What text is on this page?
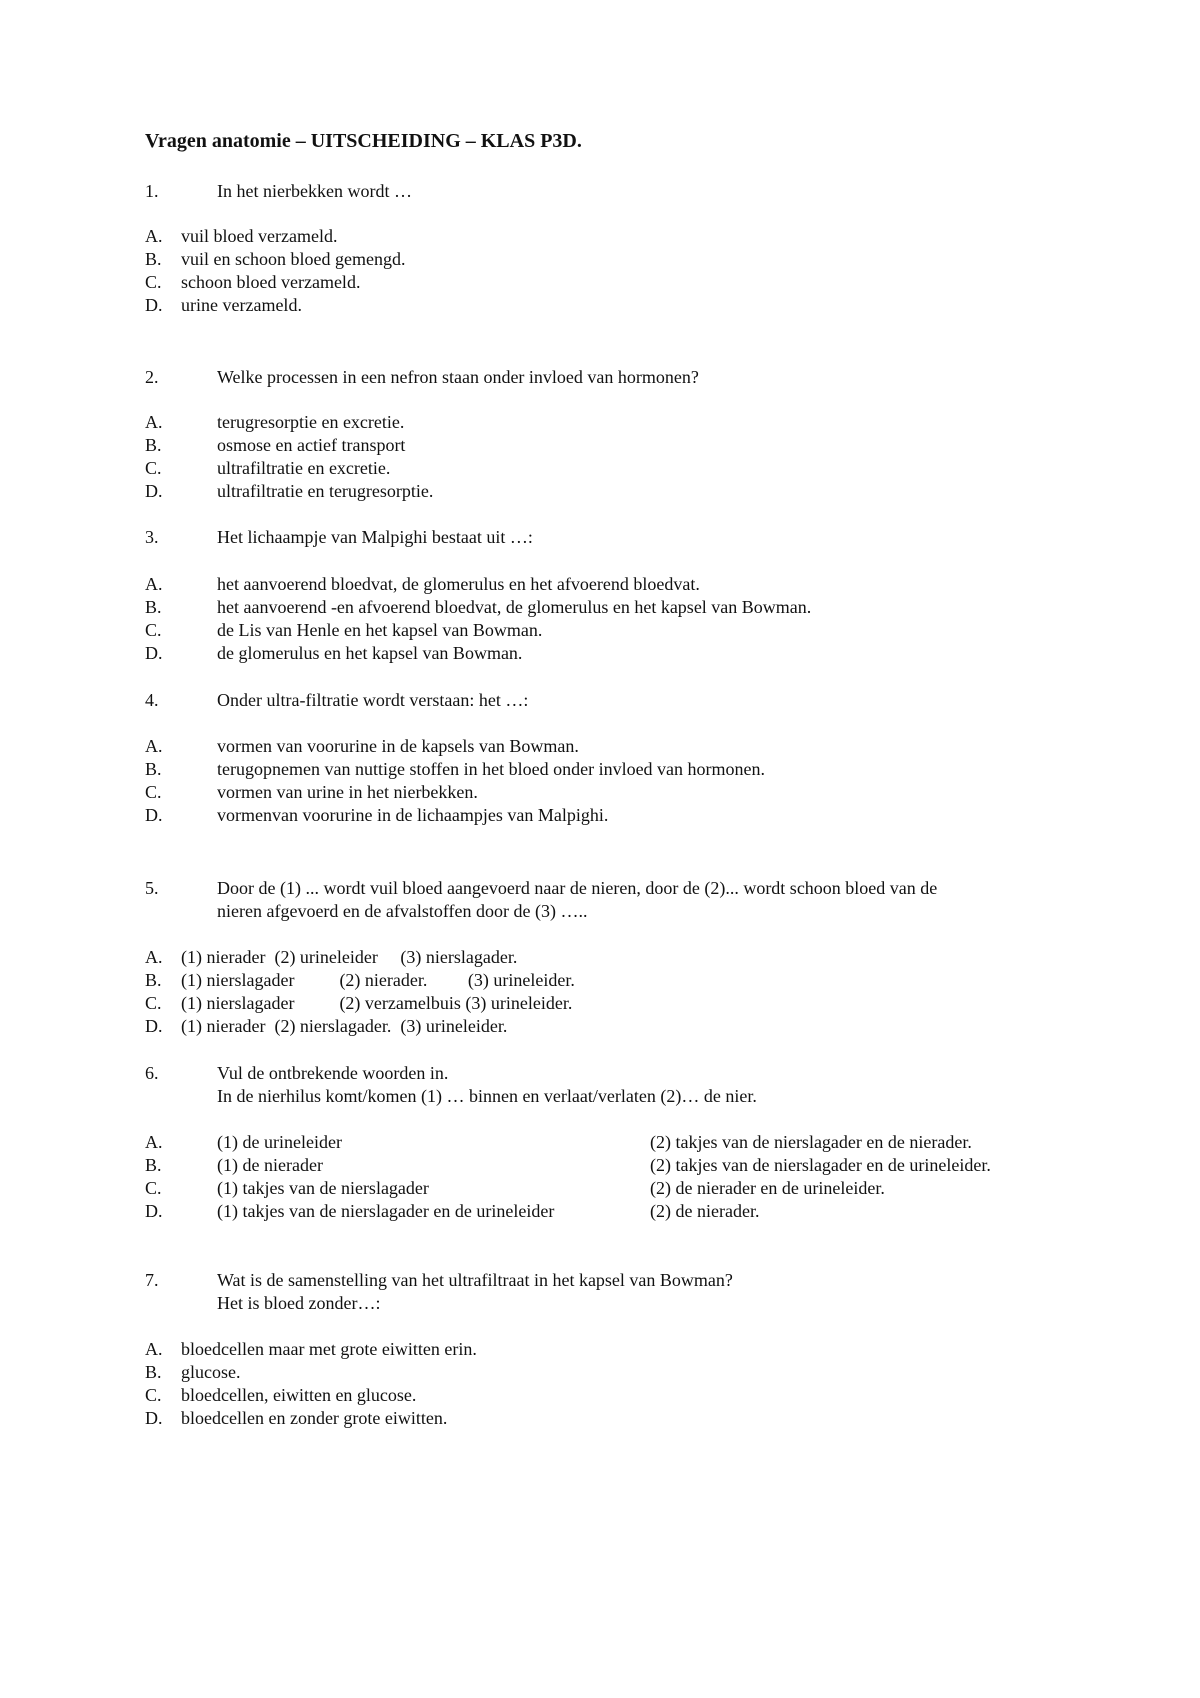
Vragen anatomie – UITSCHEIDING – KLAS P3D.
1.	In het nierbekken wordt …
A. vuil bloed verzameld.
B. vuil en schoon bloed gemengd.
C. schoon bloed verzameld.
D. urine verzameld.
2.	Welke processen in een nefron staan onder invloed van hormonen?
A.	terugresorptie en excretie.
B.	osmose en actief transport
C.	ultrafiltratie en excretie.
D.	ultrafiltratie en terugresorptie.
3.	Het lichaampje van Malpighi bestaat uit …:
A.	het aanvoerend bloedvat, de glomerulus en het afvoerend bloedvat.
B.	het aanvoerend -en afvoerend bloedvat, de glomerulus en het kapsel van Bowman.
C.	de Lis van Henle en het kapsel van Bowman.
D.	de glomerulus en het kapsel van Bowman.
4.	Onder ultra-filtratie wordt verstaan: het …:
A.	vormen van voorurine in de kapsels van Bowman.
B.	terugopnemen van nuttige stoffen in het bloed onder invloed van hormonen.
C.	vormen van urine in het nierbekken.
D.	vormenvan voorurine in de lichaampjes van Malpighi.
5.	Door de (1) ... wordt vuil bloed aangevoerd naar de nieren, door de (2)... wordt schoon bloed van de
nieren afgevoerd en de afvalstoffen door de (3) …..
A. (1) nierader  (2) urineleider     (3) nierslagader.
B. (1) nierslagader          (2) nierader.         (3) urineleider.
C. (1) nierslagader          (2) verzamelbuis (3) urineleider.
D. (1) nierader  (2) nierslagader.  (3) urineleider.
6.	Vul de ontbrekende woorden in.
In de nierhilus komt/komen (1) … binnen en verlaat/verlaten (2)… de nier.
A.	(1) de urineleider	(2) takjes van de nierslagader en de nierader.
B.	(1) de nierader	(2) takjes van de nierslagader en de urineleider.
C.	(1) takjes van de nierslagader	(2) de nierader en de urineleider.
D.	(1) takjes van de nierslagader en de urineleider	(2) de nierader.
7.	Wat is de samenstelling van het ultrafiltraat in het kapsel van Bowman?
Het is bloed zonder…:
A. bloedcellen maar met grote eiwitten erin.
B. glucose.
C. bloedcellen, eiwitten en glucose.
D. bloedcellen en zonder grote eiwitten.
